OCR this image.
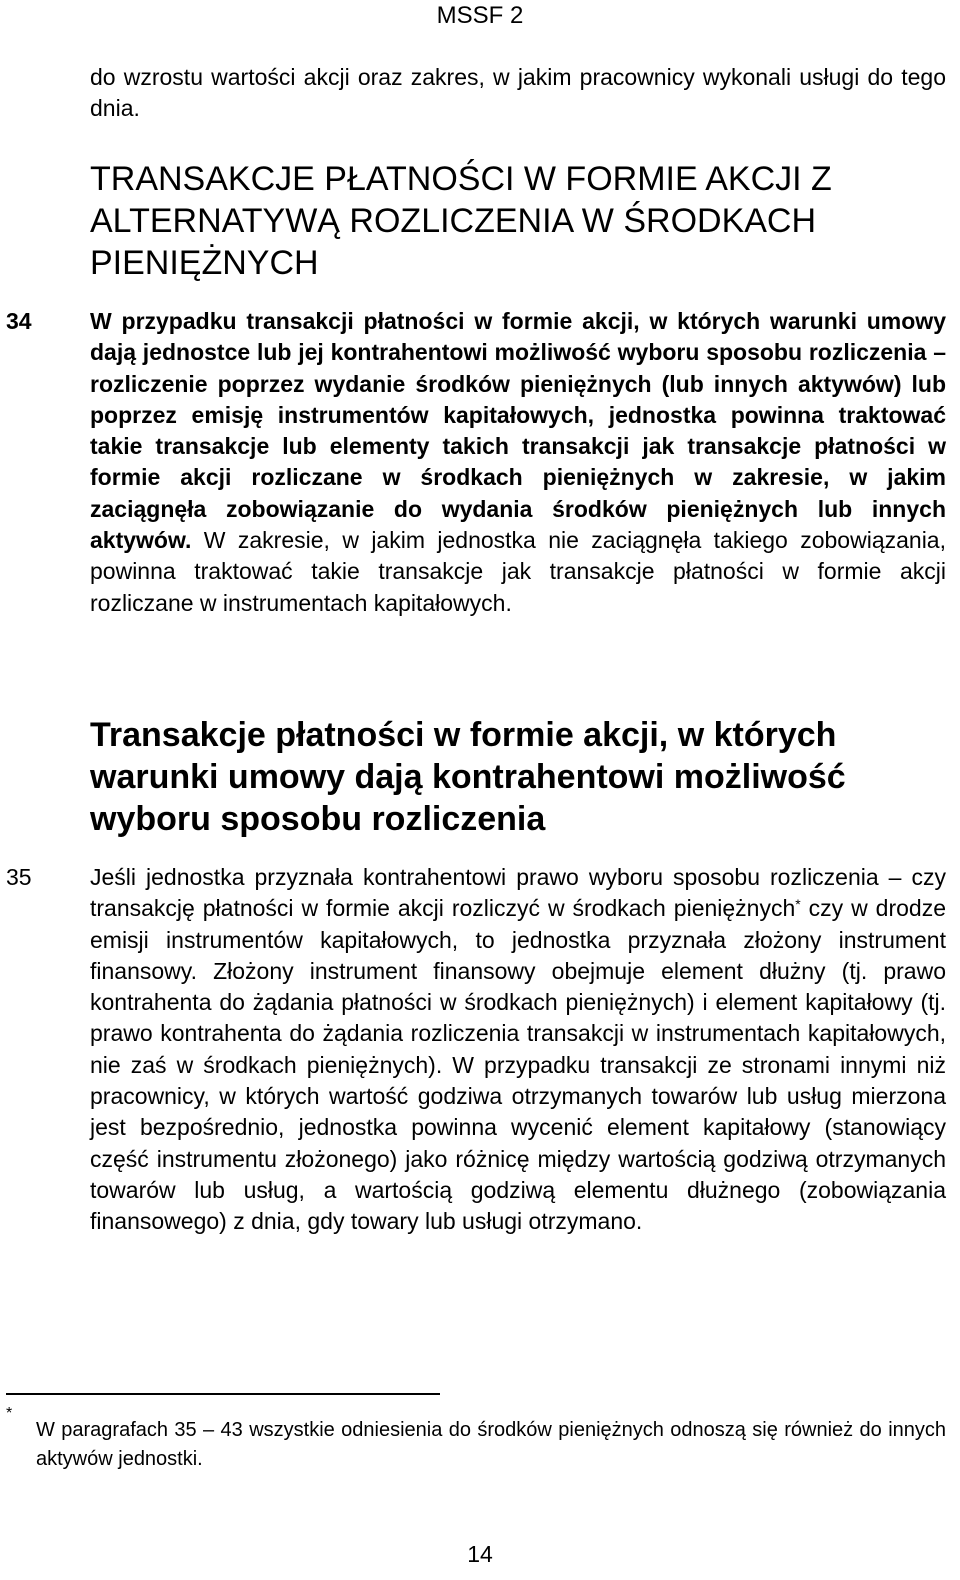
MSSF 2

do wzrostu wartości akcji oraz zakres, w jakim pracownicy wykonali usługi do tego dnia.

TRANSAKCJE PŁATNOŚCI W FORMIE AKCJI Z ALTERNATYWĄ ROZLICZENIA W ŚRODKACH PIENIĘŻNYCH
34	W przypadku transakcji płatności w formie akcji, w których warunki umowy dają jednostce lub jej kontrahentowi możliwość wyboru sposobu rozliczenia – rozliczenie poprzez wydanie środków pieniężnych (lub innych aktywów) lub poprzez emisję instrumentów kapitałowych, jednostka powinna traktować takie transakcje lub elementy takich transakcji jak transakcje płatności w formie akcji rozliczane w środkach pieniężnych w zakresie, w jakim zaciągnęła zobowiązanie do wydania środków pieniężnych lub innych aktywów. W zakresie, w jakim jednostka nie zaciągnęła takiego zobowiązania, powinna traktować takie transakcje jak transakcje płatności w formie akcji rozliczane w instrumentach kapitałowych.

Transakcje płatności w formie akcji, w których warunki umowy dają kontrahentowi możliwość wyboru sposobu rozliczenia
35	Jeśli jednostka przyznała kontrahentowi prawo wyboru sposobu rozliczenia – czy transakcję płatności w formie akcji rozliczyć w środkach pieniężnych* czy w drodze emisji instrumentów kapitałowych, to jednostka przyznała złożony instrument finansowy. Złożony instrument finansowy obejmuje element dłużny (tj. prawo kontrahenta do żądania płatności w środkach pieniężnych) i element kapitałowy (tj. prawo kontrahenta do żądania rozliczenia transakcji w instrumentach kapitałowych, nie zaś w środkach pieniężnych). W przypadku transakcji ze stronami innymi niż pracownicy, w których wartość godziwa otrzymanych towarów lub usług mierzona jest bezpośrednio, jednostka powinna wycenić element kapitałowy (stanowiący część instrumentu złożonego) jako różnicę między wartością godziwą otrzymanych towarów lub usług, a wartością godziwą elementu dłużnego (zobowiązania finansowego) z dnia, gdy towary lub usługi otrzymano.

*

W paragrafach 35 – 43 wszystkie odniesienia do środków pieniężnych odnoszą się również do innych aktywów jednostki.

14
